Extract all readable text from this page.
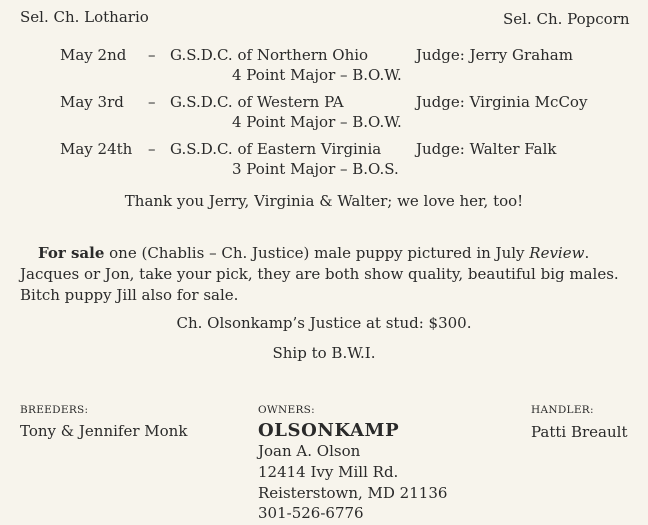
Sel. Ch. Lothario	Sel. Ch. Popcorn
May 2nd – G.S.D.C. of Northern Ohio	Judge: Jerry Graham
4 Point Major – B.O.W.
May 3rd – G.S.D.C. of Western PA	Judge: Virginia McCoy
4 Point Major – B.O.W.
May 24th – G.S.D.C. of Eastern Virginia Judge: Walter Falk
3 Point Major – B.O.S.
Thank you Jerry, Virginia & Walter; we love her, too!
For sale one (Chablis – Ch. Justice) male puppy pictured in July Review.
Jacques or Jon, take your pick, they are both show quality, beautiful big males.
Bitch puppy Jill also for sale.
Ch. Olsonkamp’s Justice at stud: $300.
Ship to B.W.I.
BREEDERS:
Tony & Jennifer Monk
OWNERS:
OLSONKAMP
Joan A. Olson
12414 Ivy Mill Rd.
Reisterstown, MD 21136
301-526-6776
HANDLER:
Patti Breault
